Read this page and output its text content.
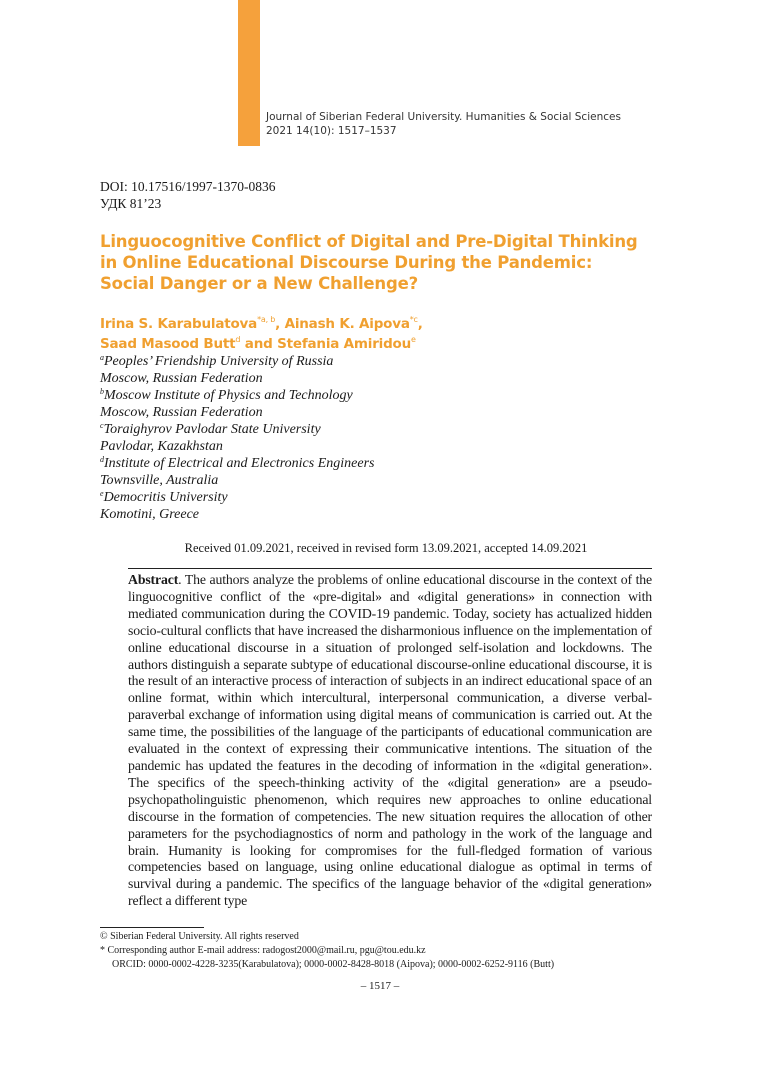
Journal of Siberian Federal University. Humanities & Social Sciences
2021 14(10): 1517–1537
DOI: 10.17516/1997-1370-0836
УДК 81’23
Linguocognitive Conflict of Digital and Pre-Digital Thinking
in Online Educational Discourse During the Pandemic:
Social Danger or a New Challenge?
Irina S. Karabulatova$^{*a, b}$, Ainash K. Aipova$^{*c}$,
Saad Masood Butt$^d$ and Stefania Amiridou$^e$
$^a$Peoples’ Friendship University of Russia
Moscow, Russian Federation
$^b$Moscow Institute of Physics and Technology
Moscow, Russian Federation
$^c$Toraighyrov Pavlodar State University
Pavlodar, Kazakhstan
$^d$Institute of Electrical and Electronics Engineers
Townsville, Australia
$^e$Democritis University
Komotini, Greece
Received 01.09.2021, received in revised form 13.09.2021, accepted 14.09.2021
Abstract. The authors analyze the problems of online educational discourse in the context of the linguocognitive conflict of the «pre-digital» and «digital generations» in connection with mediated communication during the COVID-19 pandemic. Today, society has actualized hidden socio-cultural conflicts that have increased the disharmonious influence on the implementation of online educational discourse in a situation of prolonged self-isolation and lockdowns. The authors distinguish a separate subtype of educational discourse-online educational discourse, it is the result of an interactive process of interaction of subjects in an indirect educational space of an online format, within which intercultural, interpersonal communication, a diverse verbal-paraverbal exchange of information using digital means of communication is carried out. At the same time, the possibilities of the language of the participants of educational communication are evaluated in the context of expressing their communicative intentions. The situation of the pandemic has updated the features in the decoding of information in the «digital generation». The specifics of the speech-thinking activity of the «digital generation» are a pseudo-psychopatholinguistic phenomenon, which requires new approaches to online educational discourse in the formation of competencies. The new situation requires the allocation of other parameters for the psychodiagnostics of norm and pathology in the work of the language and brain. Humanity is looking for compromises for the full-fledged formation of various competencies based on language, using online educational dialogue as optimal in terms of survival during a pandemic. The specifics of the language behavior of the «digital generation» reflect a different type
© Siberian Federal University. All rights reserved
* Corresponding author E-mail address: radogost2000@mail.ru, pgu@tou.edu.kz
ORCID: 0000-0002-4228-3235(Karabulatova); 0000-0002-8428-8018 (Aipova); 0000-0002-6252-9116 (Butt)
– 1517 –
